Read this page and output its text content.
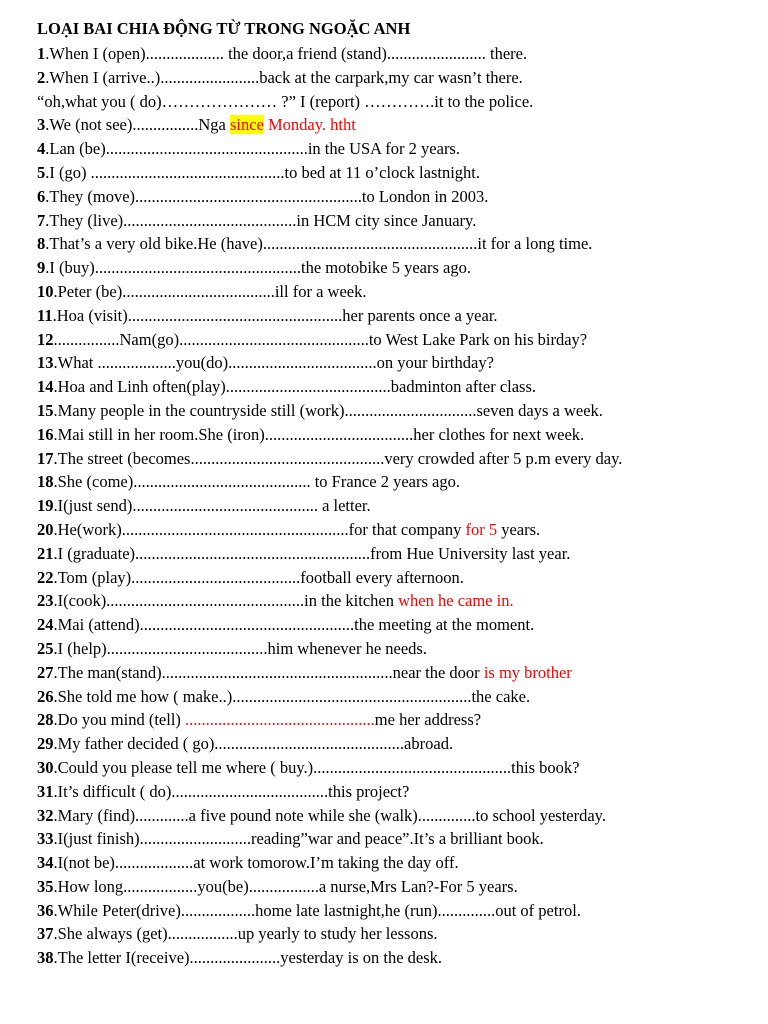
LOẠI BAI CHIA ĐỘNG TỪ TRONG NGOẶC ANH
1.When I (open)................... the door,a friend (stand)........................ there.
2.When I (arrive..)........................back at the carpark,my car wasn’t there.
“oh,what you ( do)………………… ?” I (report) ………….it to the police.
3.We (not see)................Nga since Monday. htht
4.Lan (be).................................................in the USA for 2 years.
5.I (go) ...............................................to bed at 11 o’clock lastnight.
6.They (move).......................................................to London in 2003.
7.They (live)..........................................in HCM city since January.
8.That’s a very old bike.He (have)....................................................it for a long time.
9.I (buy)..................................................the motobike 5 years ago.
10.Peter (be).....................................ill for a week.
11.Hoa (visit)....................................................her parents once a year.
12................Nam(go)..............................................to West Lake Park on his birday?
13.What ...................you(do)....................................on your birthday?
14.Hoa and Linh often(play)........................................badminton after class.
15.Many people in the countryside still (work)................................seven days a week.
16.Mai still in her room.She (iron)....................................her clothes for next week.
17.The street (becomes...............................................very crowded after 5 p.m every day.
18.She (come)........................................... to France 2 years ago.
19.I(just send)............................................. a letter.
20.He(work).......................................................for that company for 5 years.
21.I (graduate).........................................................from Hue University last year.
22.Tom (play).........................................football every afternoon.
23.I(cook)................................................in the kitchen when he came in.
24.Mai (attend)....................................................the meeting at the moment.
25.I (help).......................................him whenever he needs.
27.The man(stand)........................................................near the door is my brother
26.She told me how ( make..)..........................................................the cake.
28.Do you mind (tell) ..............................................me her address?
29.My father decided ( go)..............................................abroad.
30.Could you please tell me where ( buy.)................................................this book?
31.It’s difficult ( do)......................................this project?
32.Mary (find).............a five pound note while she (walk)..............to school yesterday.
33.I(just finish)...........................reading”war and peace”.It’s a brilliant book.
34.I(not be)...................at work tomorow.I’m taking the day off.
35.How long..................you(be).................a nurse,Mrs Lan?-For 5 years.
36.While Peter(drive)..................home late lastnight,he (run)..............out of petrol.
37.She always (get).................up yearly to study her lessons.
38.The letter I(receive)......................yesterday is on the desk.
